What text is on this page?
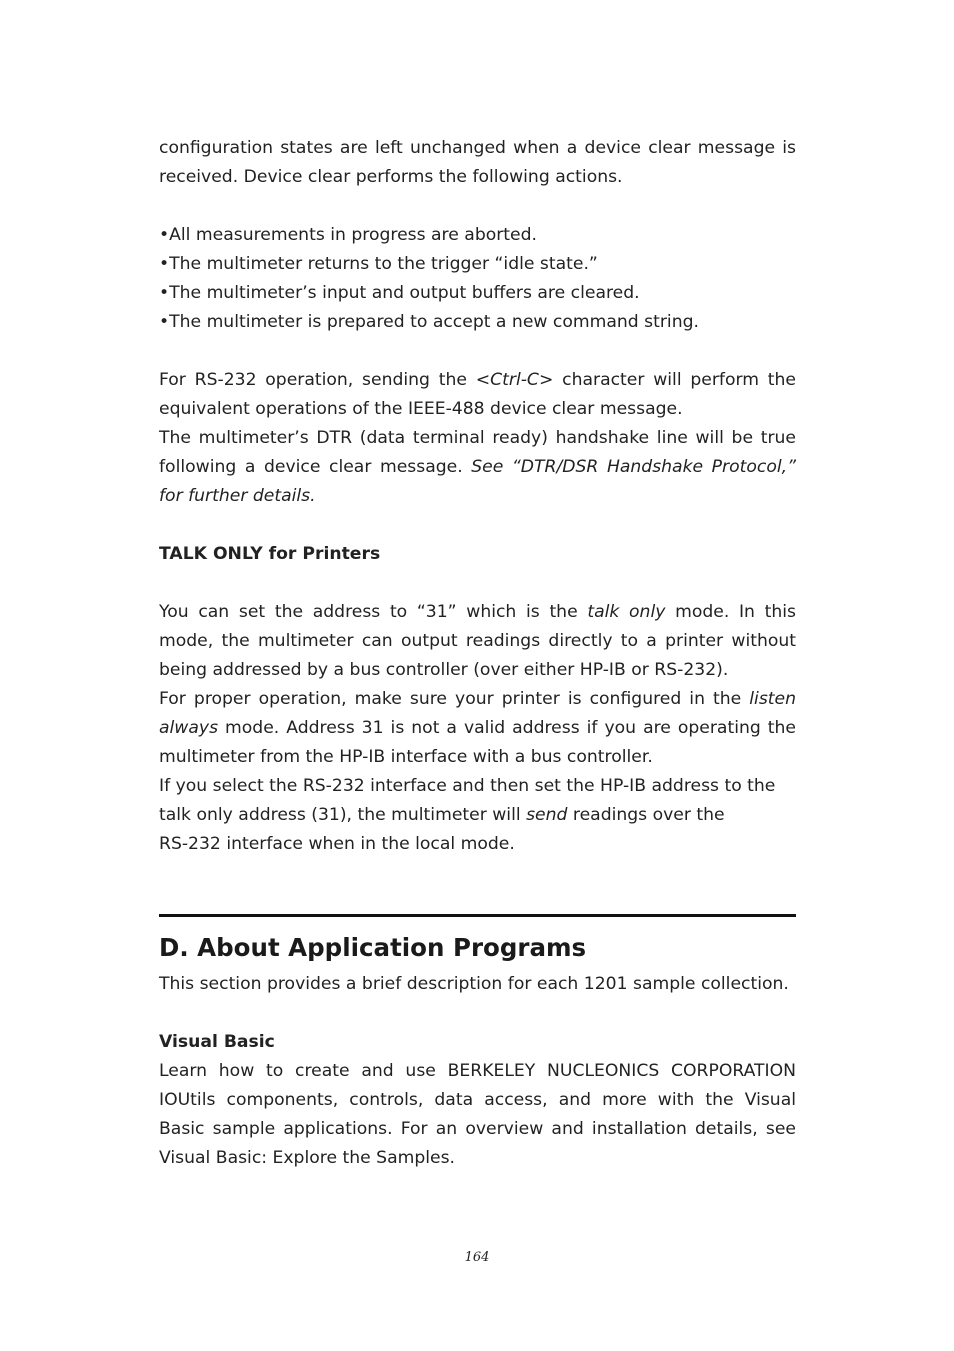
configuration states are left unchanged when a device clear message is received. Device clear performs the following actions.

•All measurements in progress are aborted.

•The multimeter returns to the trigger “idle state.”

•The multimeter’s input and output buffers are cleared.

•The multimeter is prepared to accept a new command string.

For RS-232 operation, sending the <Ctrl-C> character will perform the equivalent operations of the IEEE-488 device clear message.

The multimeter’s DTR (data terminal ready) handshake line will be true following a device clear message. See “DTR/DSR Handshake Protocol,” for further details.

TALK ONLY for Printers

You can set the address to “31” which is the talk only mode. In this mode, the multimeter can output readings directly to a printer without being addressed by a bus controller (over either HP-IB or RS-232).

For proper operation, make sure your printer is configured in the listen always mode. Address 31 is not a valid address if you are operating the multimeter from the HP-IB interface with a bus controller.

If you select the RS-232 interface and then set the HP-IB address to the talk only address (31), the multimeter will send readings over the
RS-232 interface when in the local mode.

D. About Application Programs

This section provides a brief description for each 1201 sample collection.

Visual Basic

Learn how to create and use BERKELEY NUCLEONICS CORPORATION IOUtils components, controls, data access, and more with the Visual Basic sample applications. For an overview and installation details, see Visual Basic: Explore the Samples.

164
